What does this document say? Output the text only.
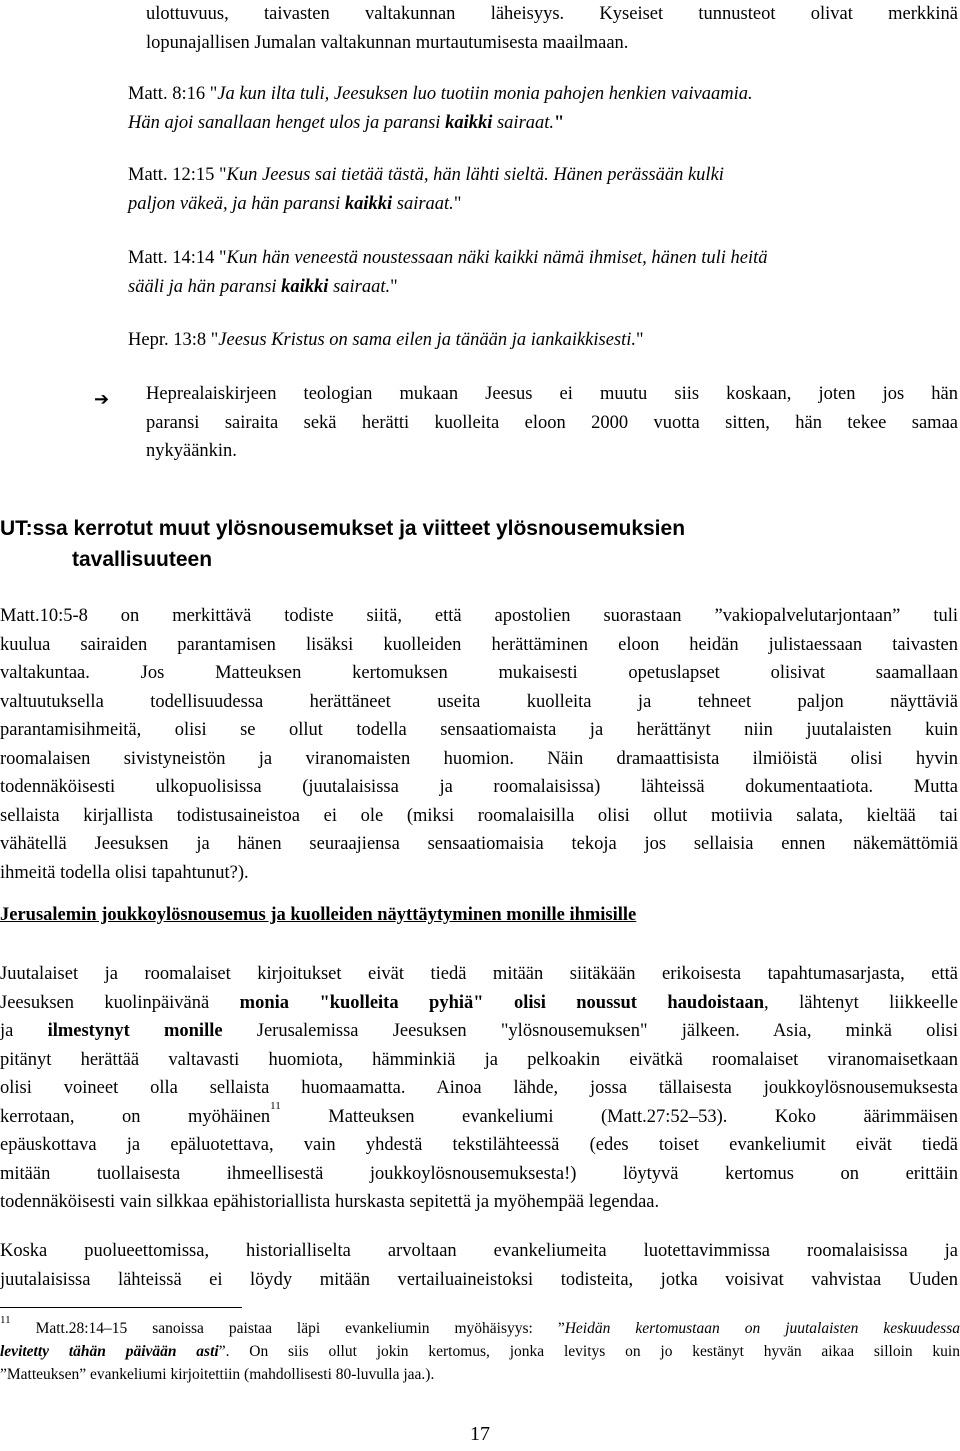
ulottuvuus, taivasten valtakunnan läheisyys. Kyseiset tunnusteot olivat merkkinä
lopunajallisen Jumalan valtakunnan murtautumisesta maailmaan.
Matt. 8:16 "Ja kun ilta tuli, Jeesuksen luo tuotiin monia pahojen henkien vaivaamia.
Hän ajoi sanallaan henget ulos ja paransi kaikki sairaat."
Matt. 12:15 "Kun Jeesus sai tietää tästä, hän lähti sieltä. Hänen perässään kulki
paljon väkeä, ja hän paransi kaikki sairaat."
Matt. 14:14 "Kun hän veneestä noustessaan näki kaikki nämä ihmiset, hänen tuli heitä
sääli ja hän paransi kaikki sairaat."
Hepr. 13:8 "Jeesus Kristus on sama eilen ja tänään ja iankaikkisesti."
➔ Heprealaiskirjeen teologian mukaan Jeesus ei muutu siis koskaan, joten jos hän
paransi sairaita sekä herätti kuolleita eloon 2000 vuotta sitten, hän tekee samaa
nykyäänkin.
UT:ssa kerrotut muut ylösnousemukset ja viitteet ylösnousemuksien
tavallisuuteen
Matt.10:5-8 on merkittävä todiste siitä, että apostolien suorastaan ”vakiopalvelutarjontaan” tuli
kuulua sairaiden parantamisen lisäksi kuolleiden herättäminen eloon heidän julistaessaan taivasten
valtakuntaa. Jos Matteuksen kertomuksen mukaisesti opetuslapset olisivat saamallaan
valtuutuksella todellisuudessa herättäneet useita kuolleita ja tehneet paljon näyttäviä
parantamisihmeitä, olisi se ollut todella sensaatiomaista ja herättänyt niin juutalaisten kuin
roomalaisen sivistyneistön ja viranomaisten huomion. Näin dramaattisista ilmiöistä olisi hyvin
todennäköisesti ulkopuolisissa (juutalaisissa ja roomalaisissa) lähteissä dokumentaatiota. Mutta
sellaista kirjallista todistusaineistoa ei ole (miksi roomalaisilla olisi ollut motiivia salata, kieltää tai
vähätellä Jeesuksen ja hänen seuraajiensa sensaatiomaisia tekoja jos sellaisia ennen näkemättömiä
ihmeitä todella olisi tapahtunut?).
Jerusalemin joukkoylösnousemus ja kuolleiden näyttäytyminen monille ihmisille
Juutalaiset ja roomalaiset kirjoitukset eivät tiedä mitään siitäkään erikoisesta tapahtumasarjasta, että
Jeesuksen kuolinpäivänä monia "kuolleita pyhiä" olisi noussut haudoistaan, lähtenyt liikkeelle
ja ilmestynyt monille Jerusalemissa Jeesuksen "ylösnousemuksen" jälkeen. Asia, minkä olisi
pitänyt herättää valtavasti huomiota, hämminkiä ja pelkoakin eivätkä roomalaiset viranomaisetkaan
olisi voineet olla sellaista huomaamatta. Ainoa lähde, jossa tällaisesta joukkoylösnousemuksesta
kerrotaan, on myöhäinen$^{11}$ Matteuksen evankeliumi (Matt.27:52–53). Koko äärimmäisen
epäuskottava ja epäluotettava, vain yhdestä tekstilähteessä (edes toiset evankeliumit eivät tiedä
mitään tuollaisesta ihmeellisestä joukkoylösnousemuksesta!) löytyvä kertomus on erittäin
todennäköisesti vain silkkaa epähistoriallista hurskasta sepitettä ja myöhempää legendaa.
Koska puolueettomissa, historialliselta arvoltaan evankeliumeita luotettavimmissa roomalaisissa ja
juutalaisissa lähteissä ei löydy mitään vertailuaineistoksi todisteita, jotka voisivat vahvistaa Uuden
$^{11}$ Matt.28:14–15 sanoissa paistaa läpi evankeliumin myöhäisyys: ”Heidän kertomustaan on juutalaisten keskuudessa
levitetty tähän päivään asti”. On siis ollut jokin kertomus, jonka levitys on jo kestänyt hyvän aikaa silloin kuin
”Matteuksen” evankeliumi kirjoitettiin (mahdollisesti 80-luvulla jaa.).
17
